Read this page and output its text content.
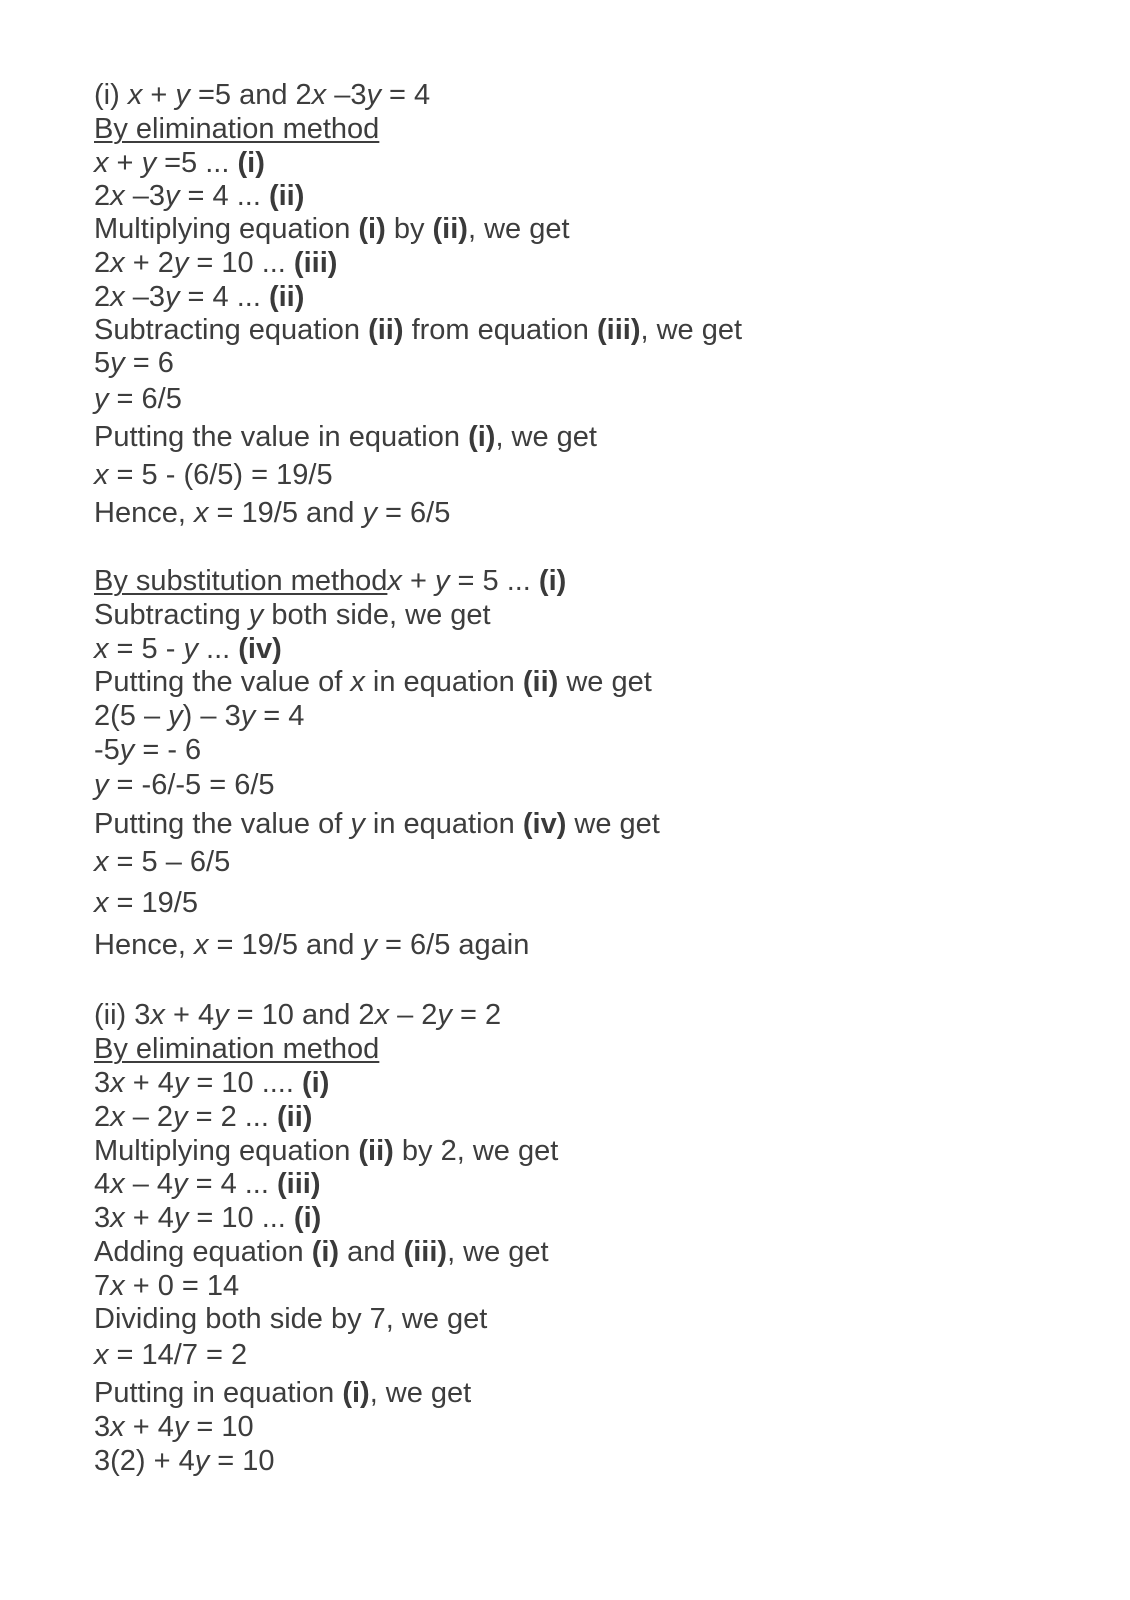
(i) x + y =5 and 2x –3y = 4
By elimination method
x + y =5 ... (i)
2x –3y = 4 ... (ii)
Multiplying equation (i) by (ii), we get
2x + 2y = 10 ... (iii)
2x –3y = 4 ... (ii)
Subtracting equation (ii) from equation (iii), we get
5y = 6
y = 6/5
Putting the value in equation (i), we get
x = 5 - (6/5) = 19/5
Hence, x = 19/5 and y = 6/5
By substitution methodx + y = 5 ... (i)
Subtracting y both side, we get
x = 5 - y ... (iv)
Putting the value of x in equation (ii) we get
2(5 – y) – 3y = 4
-5y = - 6
y = -6/-5 = 6/5
Putting the value of y in equation (iv) we get
x = 5 – 6/5
x = 19/5
Hence, x = 19/5 and y = 6/5 again
(ii) 3x + 4y = 10 and 2x – 2y = 2
By elimination method
3x + 4y = 10 .... (i)
2x – 2y = 2 ... (ii)
Multiplying equation (ii) by 2, we get
4x – 4y = 4 ... (iii)
3x + 4y = 10 ... (i)
Adding equation (i) and (iii), we get
7x + 0 = 14
Dividing both side by 7, we get
x = 14/7 = 2
Putting in equation (i), we get
3x + 4y = 10
3(2) + 4y = 10
